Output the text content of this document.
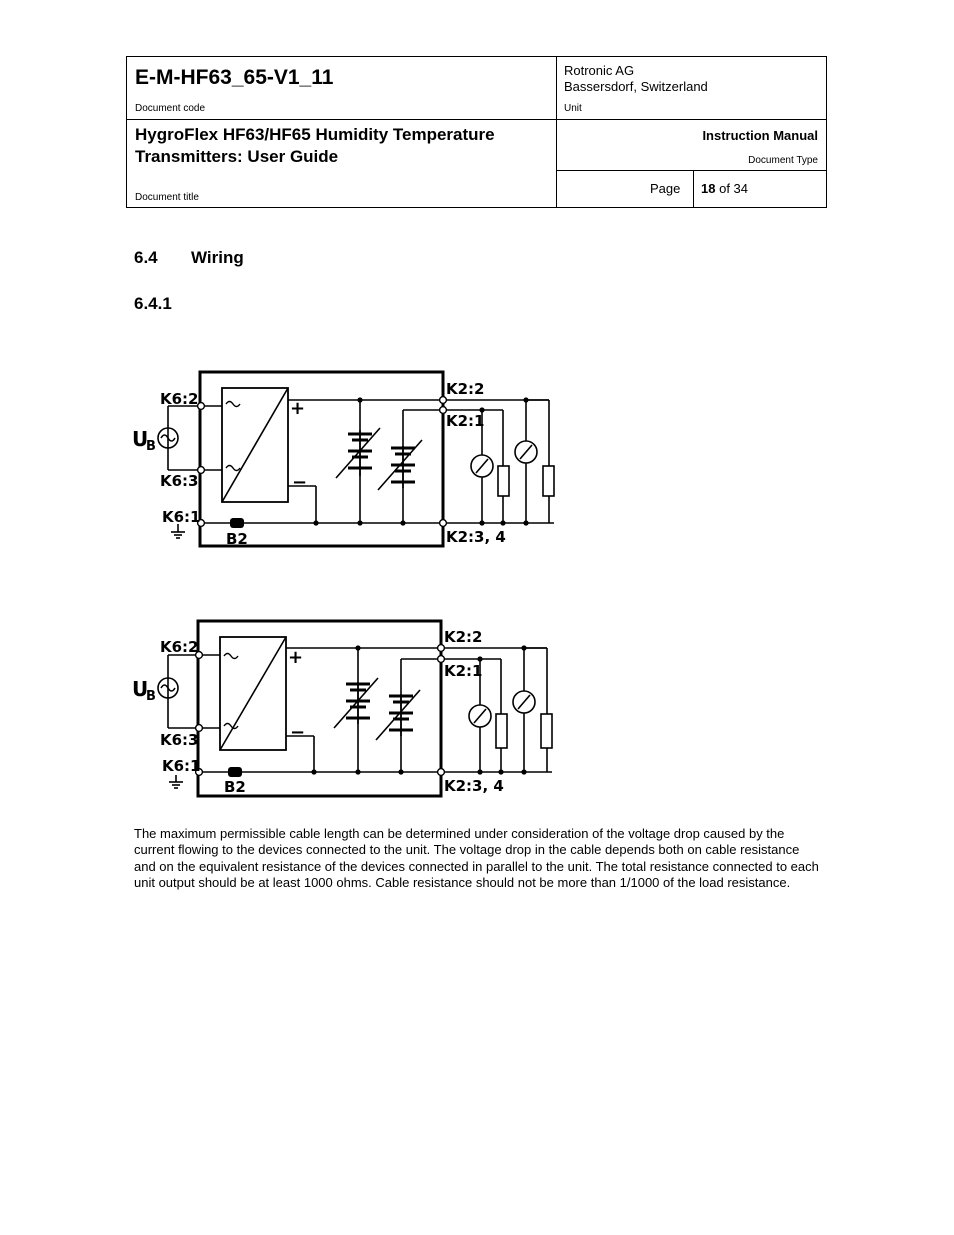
E-M-HF63_65-V1_11
Document code
Rotronic AG
Bassersdorf, Switzerland
Unit
HygroFlex HF63/HF65 Humidity Temperature Transmitters: User Guide
Document title
Instruction Manual
Document Type
Page 18 of 34
6.4 Wiring
6.4.1
K6:2
K6:3
K6:1
U
B
B2
K2:2
K2:1
K2:3, 4
+
−
K6:2
K6:3
K6:1
U
B
B2
K2:2
K2:1
K2:3, 4
+
−
The maximum permissible cable length can be determined under consideration of the voltage drop caused by the current flowing to the devices connected to the unit. The voltage drop in the cable depends both on cable resistance and on the equivalent resistance of the devices connected in parallel to the unit. The total resistance connected to each unit output should be at least 1000 ohms. Cable resistance should not be more than 1/1000 of the load resistance.
